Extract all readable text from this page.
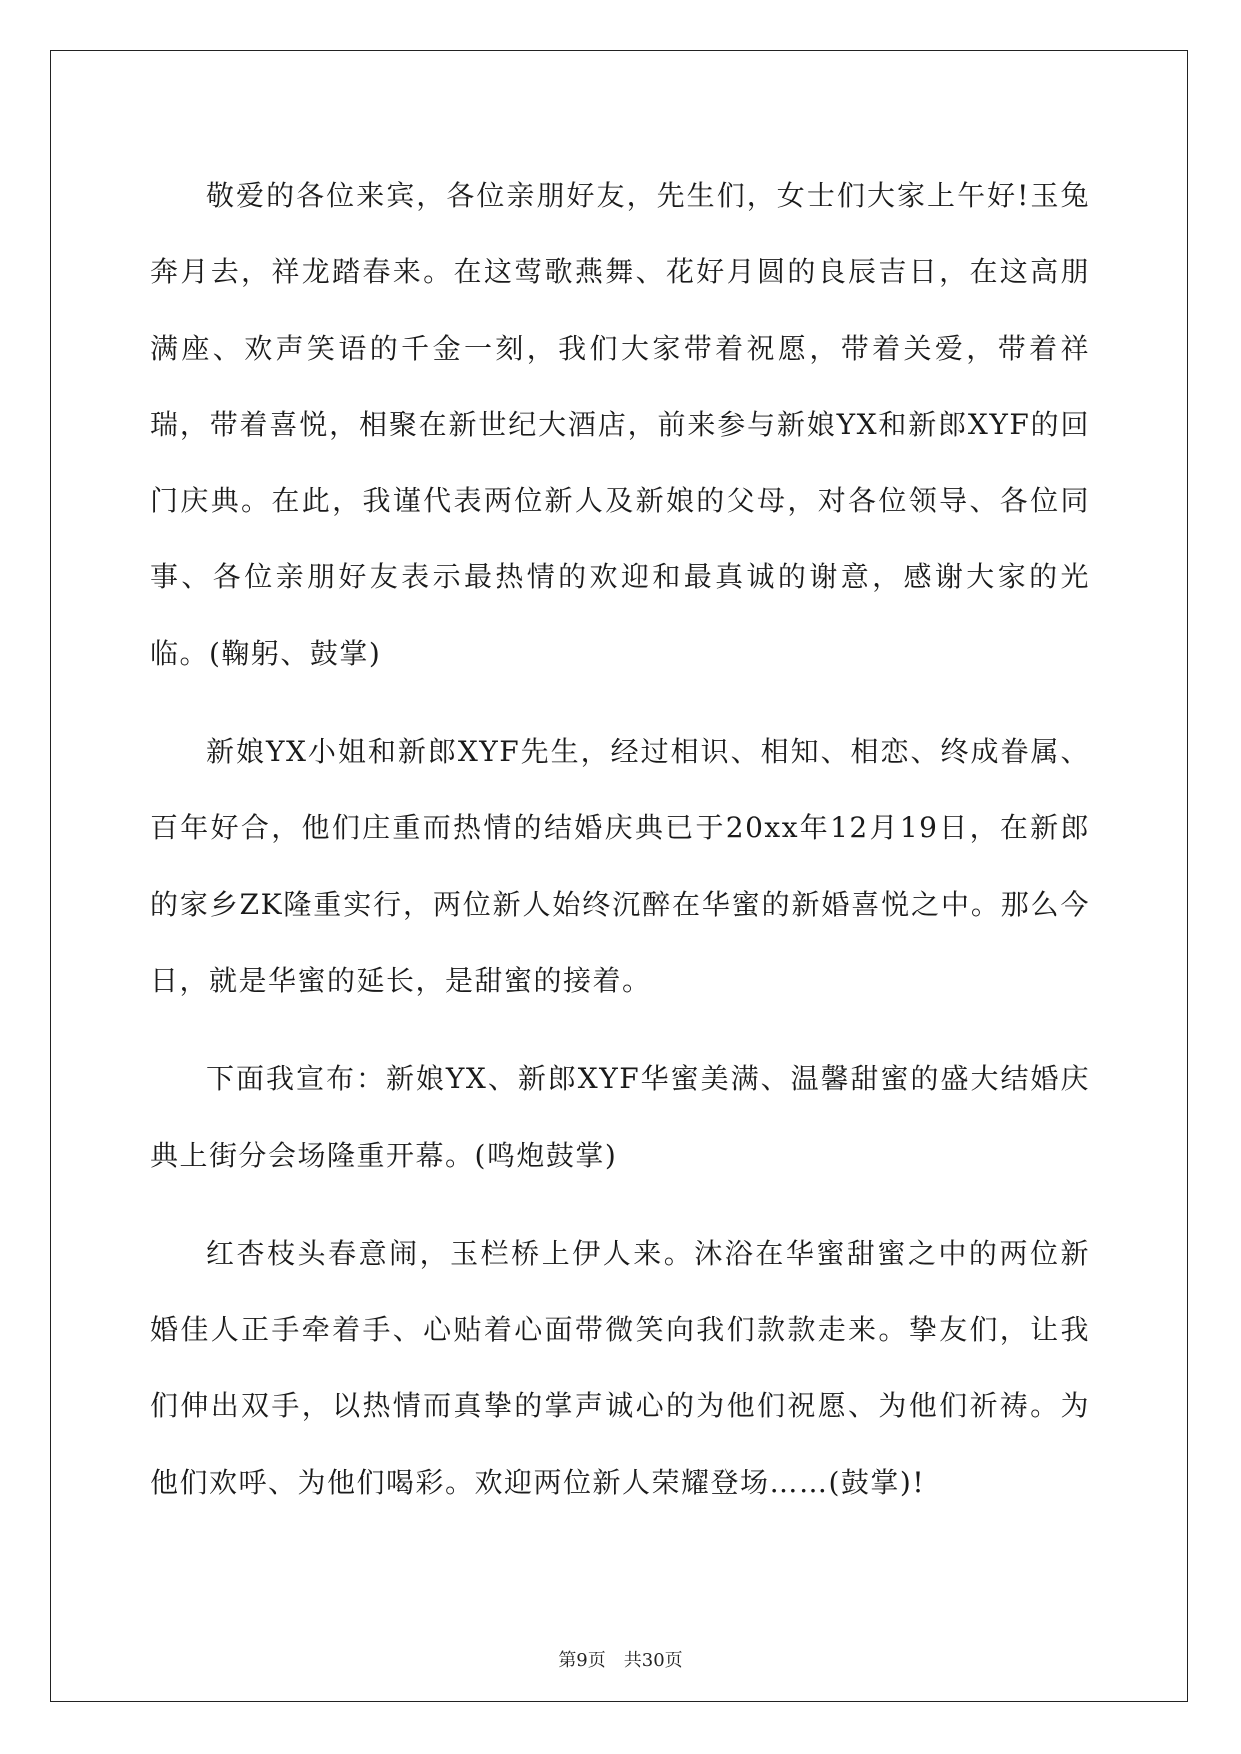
敬爱的各位来宾，各位亲朋好友，先生们，女士们大家上午好!玉兔奔月去，祥龙踏春来。在这莺歌燕舞、花好月圆的良辰吉日，在这高朋满座、欢声笑语的千金一刻，我们大家带着祝愿，带着关爱，带着祥瑞，带着喜悦，相聚在新世纪大酒店，前来参与新娘YX和新郎XYF的回门庆典。在此，我谨代表两位新人及新娘的父母，对各位领导、各位同事、各位亲朋好友表示最热情的欢迎和最真诚的谢意，感谢大家的光临。(鞠躬、鼓掌)

新娘YX小姐和新郎XYF先生，经过相识、相知、相恋、终成眷属、百年好合，他们庄重而热情的结婚庆典已于20xx年12月19日，在新郎的家乡ZK隆重实行，两位新人始终沉醉在华蜜的新婚喜悦之中。那么今日，就是华蜜的延长，是甜蜜的接着。

下面我宣布：新娘YX、新郎XYF华蜜美满、温馨甜蜜的盛大结婚庆典上街分会场隆重开幕。(鸣炮鼓掌)

红杏枝头春意闹，玉栏桥上伊人来。沐浴在华蜜甜蜜之中的两位新婚佳人正手牵着手、心贴着心面带微笑向我们款款走来。挚友们，让我们伸出双手，以热情而真挚的掌声诚心的为他们祝愿、为他们祈祷。为他们欢呼、为他们喝彩。欢迎两位新人荣耀登场……(鼓掌)!

第9页 共30页
